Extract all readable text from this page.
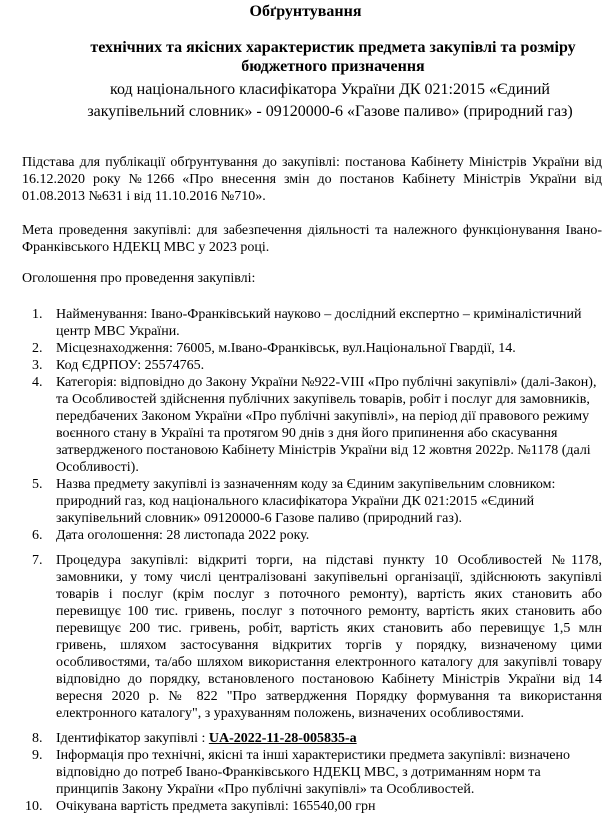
Обґрунтування
технічних та якісних характеристик предмета закупівлі та розміру бюджетного призначення
код національного класифікатора України ДК 021:2015 «Єдиний закупівельний словник» - 09120000-6 «Газове паливо» (природний газ)
Підстава для публікації обґрунтування до закупівлі: постанова Кабінету Міністрів України від 16.12.2020 року №1266 «Про внесення змін до постанов Кабінету Міністрів України від 01.08.2013 №631 і від 11.10.2016 №710».
Мета проведення закупівлі: для забезпечення діяльності та належного функціонування Івано-Франківського НДЕКЦ МВС у 2023 році.
Оголошення про проведення закупівлі:
1. Найменування: Івано-Франківський науково – дослідний експертно – криміналістичний центр МВС України.
2. Місцезнаходження: 76005, м.Івано-Франківськ, вул.Національної Гвардії, 14.
3. Код ЄДРПОУ: 25574765.
4. Категорія: відповідно до Закону України №922-VIII «Про публічні закупівлі» (далі-Закон), та Особливостей здійснення публічних закупівель товарів, робіт і послуг для замовників, передбачених Законом України «Про публічні закупівлі», на період дії правового режиму воєнного стану в Україні та протягом 90 днів з дня його припинення або скасування затвердженого постановою Кабінету Міністрів України від 12 жовтня 2022р. №1178 (далі Особливості).
5. Назва предмету закупівлі із зазначенням коду за Єдиним закупівельним словником: природний газ, код національного класифікатора України ДК 021:2015 «Єдиний закупівельний словник» 09120000-6 Газове паливо (природний газ).
6. Дата оголошення: 28 листопада 2022 року.
7. Процедура закупівлі: відкриті торги, на підставі пункту 10 Особливостей №1178, замовники, у тому числі централізовані закупівельні організації, здійснюють закупівлі товарів і послуг (крім послуг з поточного ремонту), вартість яких становить або перевищує 100 тис. гривень, послуг з поточного ремонту, вартість яких становить або перевищує 200 тис. гривень, робіт, вартість яких становить або перевищує 1,5 млн гривень, шляхом застосування відкритих торгів у порядку, визначеному цими особливостями, та/або шляхом використання електронного каталогу для закупівлі товару відповідно до порядку, встановленого постановою Кабінету Міністрів України від 14 вересня 2020 р. № 822 "Про затвердження Порядку формування та використання електронного каталогу", з урахуванням положень, визначених особливостями.
8. Ідентифікатор закупівлі : UA-2022-11-28-005835-a
9. Інформація про технічні, якісні та інші характеристики предмета закупівлі: визначено відповідно до потреб Івано-Франківського НДЕКЦ МВС, з дотриманням норм та принципів Закону України «Про публічні закупівлі» та Особливостей.
10. Очікувана вартість предмета закупівлі: 165540,00 грн
